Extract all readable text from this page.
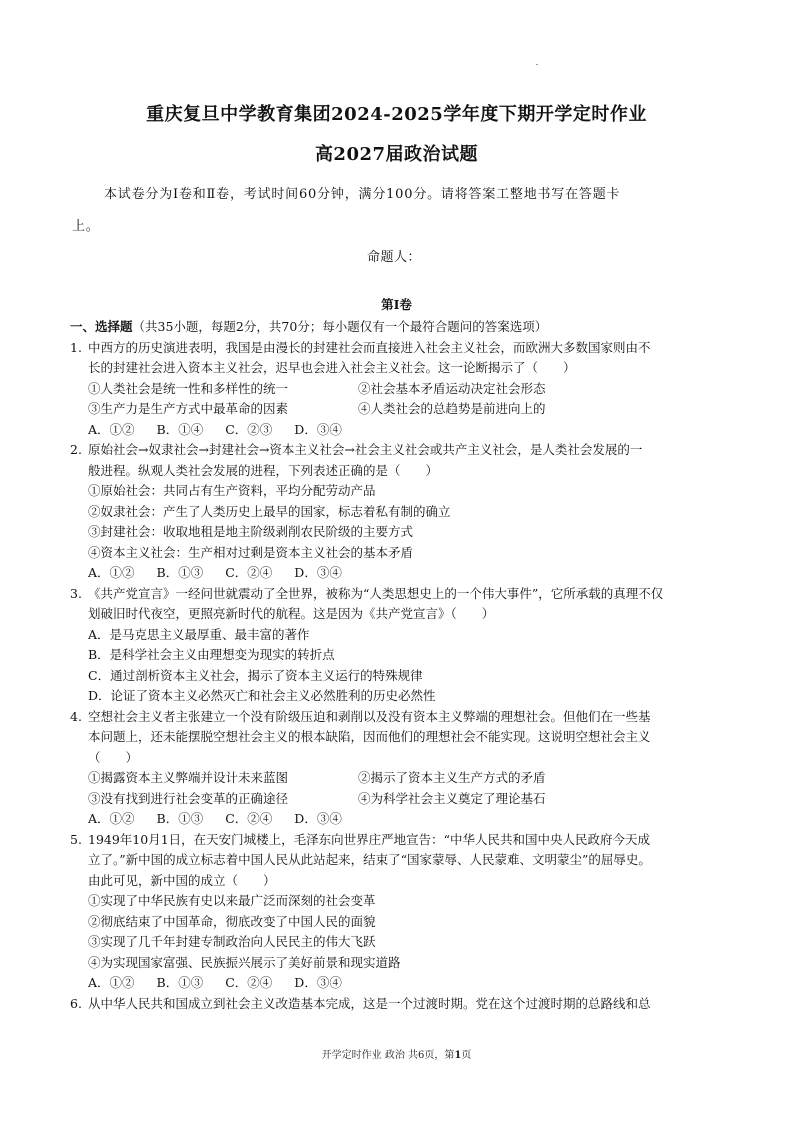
重庆复旦中学教育集团2024-2025学年度下期开学定时作业
高2027届政治试题
本试卷分为Ⅰ卷和Ⅱ卷，考试时间60分钟，满分100分。请将答案工整地书写在答题卡
上。
命题人：
第Ⅰ卷
一、选择题（共35小题，每题2分，共70分；每小题仅有一个最符合题问的答案选项）
1. 中西方的历史演进表明，我国是由漫长的封建社会而直接进入社会主义社会，而欧洲大多数国家则由不
长的封建社会进入资本主义社会，迟早也会进入社会主义社会。这一论断揭示了（　　）
①人类社会是统一性和多样性的统一	②社会基本矛盾运动决定社会形态
③生产力是生产方式中最革命的因素	④人类社会的总趋势是前进向上的
A．①② B．①④ C．②③ D．③④
2. 原始社会→奴隶社会→封建社会→资本主义社会→社会主义社会或共产主义社会，是人类社会发展的一
般进程。纵观人类社会发展的进程，下列表述正确的是（　　）
①原始社会：共同占有生产资料，平均分配劳动产品
②奴隶社会：产生了人类历史上最早的国家，标志着私有制的确立
③封建社会：收取地租是地主阶级剥削农民阶级的主要方式
④资本主义社会：生产相对过剩是资本主义社会的基本矛盾
A．①② B．①③ C．②④ D．③④
3. 《共产党宣言》一经问世就震动了全世界，被称为“人类思想史上的一个伟大事件”，它所承载的真理不仅
划破旧时代夜空，更照亮新时代的航程。这是因为《共产党宣言》（　　）
A．是马克思主义最厚重、最丰富的著作
B．是科学社会主义由理想变为现实的转折点
C．通过剖析资本主义社会，揭示了资本主义运行的特殊规律
D．论证了资本主义必然灭亡和社会主义必然胜利的历史必然性
4. 空想社会主义者主张建立一个没有阶级压迫和剥削以及没有资本主义弊端的理想社会。但他们在一些基
本问题上，还未能摆脱空想社会主义的根本缺陷，因而他们的理想社会不能实现。这说明空想社会主义
（　　）
①揭露资本主义弊端并设计未来蓝图	②揭示了资本主义生产方式的矛盾
③没有找到进行社会变革的正确途径	④为科学社会主义奠定了理论基石
A．①② B．①③ C．②④ D．③④
5. 1949年10月1日，在天安门城楼上，毛泽东向世界庄严地宣告：“中华人民共和国中央人民政府今天成
立了。”新中国的成立标志着中国人民从此站起来，结束了“国家蒙辱、人民蒙难、文明蒙尘”的屈辱史。
由此可见，新中国的成立（　　）
①实现了中华民族有史以来最广泛而深刻的社会变革
②彻底结束了中国革命，彻底改变了中国人民的面貌
③实现了几千年封建专制政治向人民民主的伟大飞跃
④为实现国家富强、民族振兴展示了美好前景和现实道路
A．①② B．①③ C．②④ D．③④
6. 从中华人民共和国成立到社会主义改造基本完成，这是一个过渡时期。党在这个过渡时期的总路线和总
开学定时作业 政治 共6页，第1页
